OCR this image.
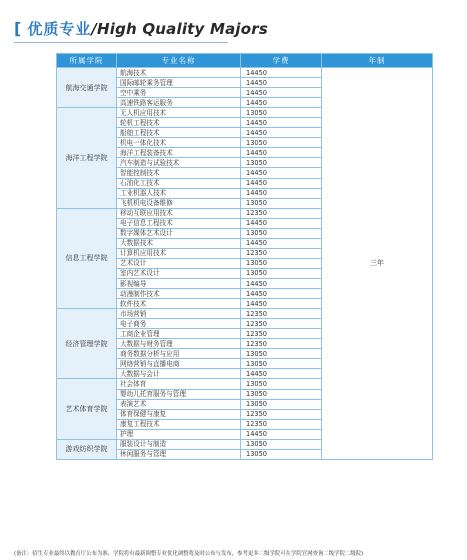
[ 优质专业 /High Quality Majors
所属学院	专业名称	学费	年制
航海交通学院	航海技术	14450	三年
	国际邮轮乘务管理	14450	
	空中乘务	14450	
	高速铁路客运服务	14450	
海洋工程学院	无人机应用技术	13050	
	轮机工程技术	14450	
	船舶工程技术	14450	
	机电一体化技术	13050	
	海洋工程装备技术	14450	
	汽车制造与试验技术	13050	
	智能控制技术	14450	
	石油化工技术	14450	
	工业机器人技术	14450	
	飞机机电设备维修	13050	
信息工程学院	移动互联应用技术	12350	
	电子信息工程技术	14450	
	数字媒体艺术设计	13050	
	大数据技术	14450	
	计算机应用技术	12350	
	艺术设计	13050	
	室内艺术设计	13050	
	影视编导	14450	
	动漫制作技术	14450	
	软件技术	14450	
经济管理学院	市场营销	12350	
	电子商务	12350	
	工商企业管理	12350	
	大数据与财务管理	12350	
	商务数据分析与应用	13050	
	网络营销与直播电商	13050	
	大数据与会计	14450	
艺术体育学院	社会体育	13050	
	婴幼儿托育服务与管理	13050	
	表演艺术	13050	
	体育保健与康复	12350	
	康复工程技术	12350	
	护理	14450	
游戏纺织学院	服装设计与制造	13050	
	休闲服务与管理	13050	
(备注：招生专业最终以教育厅公布为准，学院将有最新调整专业优化调整将及时公布与发布，参考更多二级学院可在学院官网查询二级学院二级院)
